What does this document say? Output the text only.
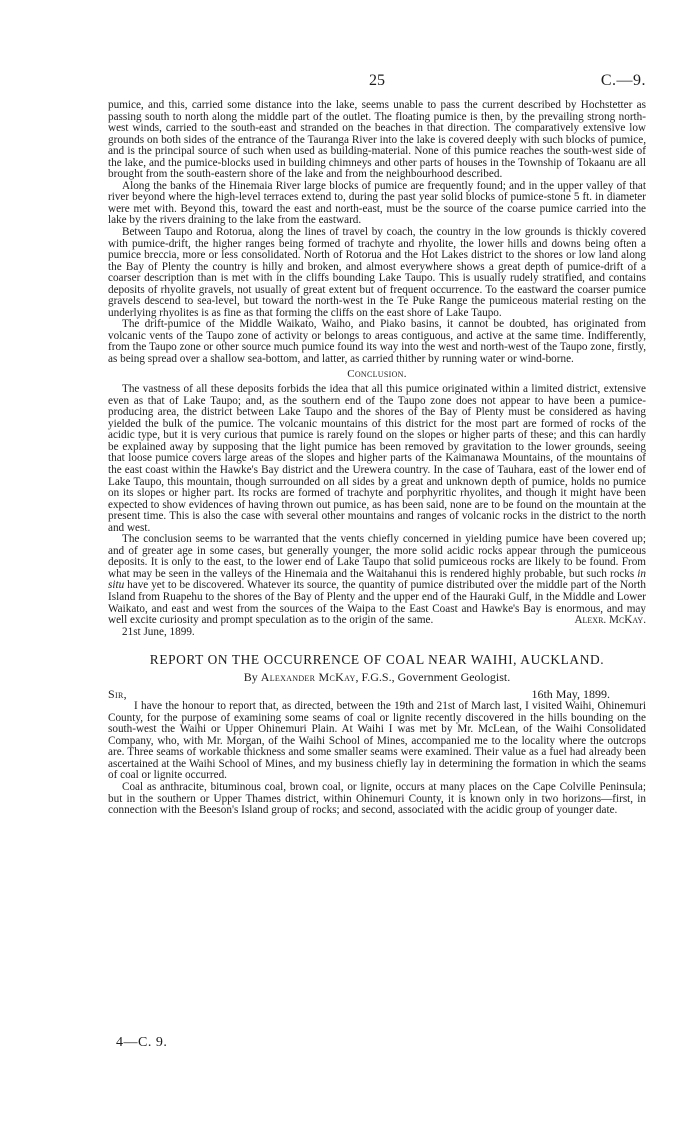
25	C.—9.

pumice, and this, carried some distance into the lake, seems unable to pass the current described by Hochstetter as passing south to north along the middle part of the outlet. The floating pumice is then, by the prevailing strong north-west winds, carried to the south-east and stranded on the beaches in that direction. The comparatively extensive low grounds on both sides of the entrance of the Tauranga River into the lake is covered deeply with such blocks of pumice, and is the principal source of such when used as building-material. None of this pumice reaches the south-west side of the lake, and the pumice-blocks used in building chimneys and other parts of houses in the Township of Tokaanu are all brought from the south-eastern shore of the lake and from the neighbourhood described.

Along the banks of the Hinemaia River large blocks of pumice are frequently found; and in the upper valley of that river beyond where the high-level terraces extend to, during the past year solid blocks of pumice-stone 5 ft. in diameter were met with. Beyond this, toward the east and north-east, must be the source of the coarse pumice carried into the lake by the rivers draining to the lake from the eastward.

Between Taupo and Rotorua, along the lines of travel by coach, the country in the low grounds is thickly covered with pumice-drift, the higher ranges being formed of trachyte and rhyolite, the lower hills and downs being often a pumice breccia, more or less consolidated. North of Rotorua and the Hot Lakes district to the shores or low land along the Bay of Plenty the country is hilly and broken, and almost everywhere shows a great depth of pumice-drift of a coarser description than is met with in the cliffs bounding Lake Taupo. This is usually rudely stratified, and contains deposits of rhyolite gravels, not usually of great extent but of frequent occurrence. To the eastward the coarser pumice gravels descend to sea-level, but toward the north-west in the Te Puke Range the pumiceous material resting on the underlying rhyolites is as fine as that forming the cliffs on the east shore of Lake Taupo.

The drift-pumice of the Middle Waikato, Waiho, and Piako basins, it cannot be doubted, has originated from volcanic vents of the Taupo zone of activity or belongs to areas contiguous, and active at the same time. Indifferently, from the Taupo zone or other source much pumice found its way into the west and north-west of the Taupo zone, firstly, as being spread over a shallow sea-bottom, and latter, as carried thither by running water or wind-borne.

Conclusion.

The vastness of all these deposits forbids the idea that all this pumice originated within a limited district, extensive even as that of Lake Taupo; and, as the southern end of the Taupo zone does not appear to have been a pumice-producing area, the district between Lake Taupo and the shores of the Bay of Plenty must be considered as having yielded the bulk of the pumice. The volcanic mountains of this district for the most part are formed of rocks of the acidic type, but it is very curious that pumice is rarely found on the slopes or higher parts of these; and this can hardly be explained away by supposing that the light pumice has been removed by gravitation to the lower grounds, seeing that loose pumice covers large areas of the slopes and higher parts of the Kaimanawa Mountains, of the mountains of the east coast within the Hawke's Bay district and the Urewera country. In the case of Tauhara, east of the lower end of Lake Taupo, this mountain, though surrounded on all sides by a great and unknown depth of pumice, holds no pumice on its slopes or higher part. Its rocks are formed of trachyte and porphyritic rhyolites, and though it might have been expected to show evidences of having thrown out pumice, as has been said, none are to be found on the mountain at the present time. This is also the case with several other mountains and ranges of volcanic rocks in the district to the north and west.

The conclusion seems to be warranted that the vents chiefly concerned in yielding pumice have been covered up; and of greater age in some cases, but generally younger, the more solid acidic rocks appear through the pumiceous deposits. It is only to the east, to the lower end of Lake Taupo that solid pumiceous rocks are likely to be found. From what may be seen in the valleys of the Hinemaia and the Waitahanui this is rendered highly probable, but such rocks in situ have yet to be discovered. Whatever its source, the quantity of pumice distributed over the middle part of the North Island from Ruapehu to the shores of the Bay of Plenty and the upper end of the Hauraki Gulf, in the Middle and Lower Waikato, and east and west from the sources of the Waipa to the East Coast and Hawke's Bay is enormous, and may well excite curiosity and prompt speculation as to the origin of the same.	Alexr. McKay.

21st June, 1899.

REPORT ON THE OCCURRENCE OF COAL NEAR WAIHI, AUCKLAND.

By Alexander McKay, F.G.S., Government Geologist.

Sir,	16th May, 1899.

I have the honour to report that, as directed, between the 19th and 21st of March last, I visited Waihi, Ohinemuri County, for the purpose of examining some seams of coal or lignite recently discovered in the hills bounding on the south-west the Waihi or Upper Ohinemuri Plain. At Waihi I was met by Mr. McLean, of the Waihi Consolidated Company, who, with Mr. Morgan, of the Waihi School of Mines, accompanied me to the locality where the outcrops are. Three seams of workable thickness and some smaller seams were examined. Their value as a fuel had already been ascertained at the Waihi School of Mines, and my business chiefly lay in determining the formation in which the seams of coal or lignite occurred.

Coal as anthracite, bituminous coal, brown coal, or lignite, occurs at many places on the Cape Colville Peninsula; but in the southern or Upper Thames district, within Ohinemuri County, it is known only in two horizons—first, in connection with the Beeson's Island group of rocks; and second, associated with the acidic group of younger date.

4—C. 9.
